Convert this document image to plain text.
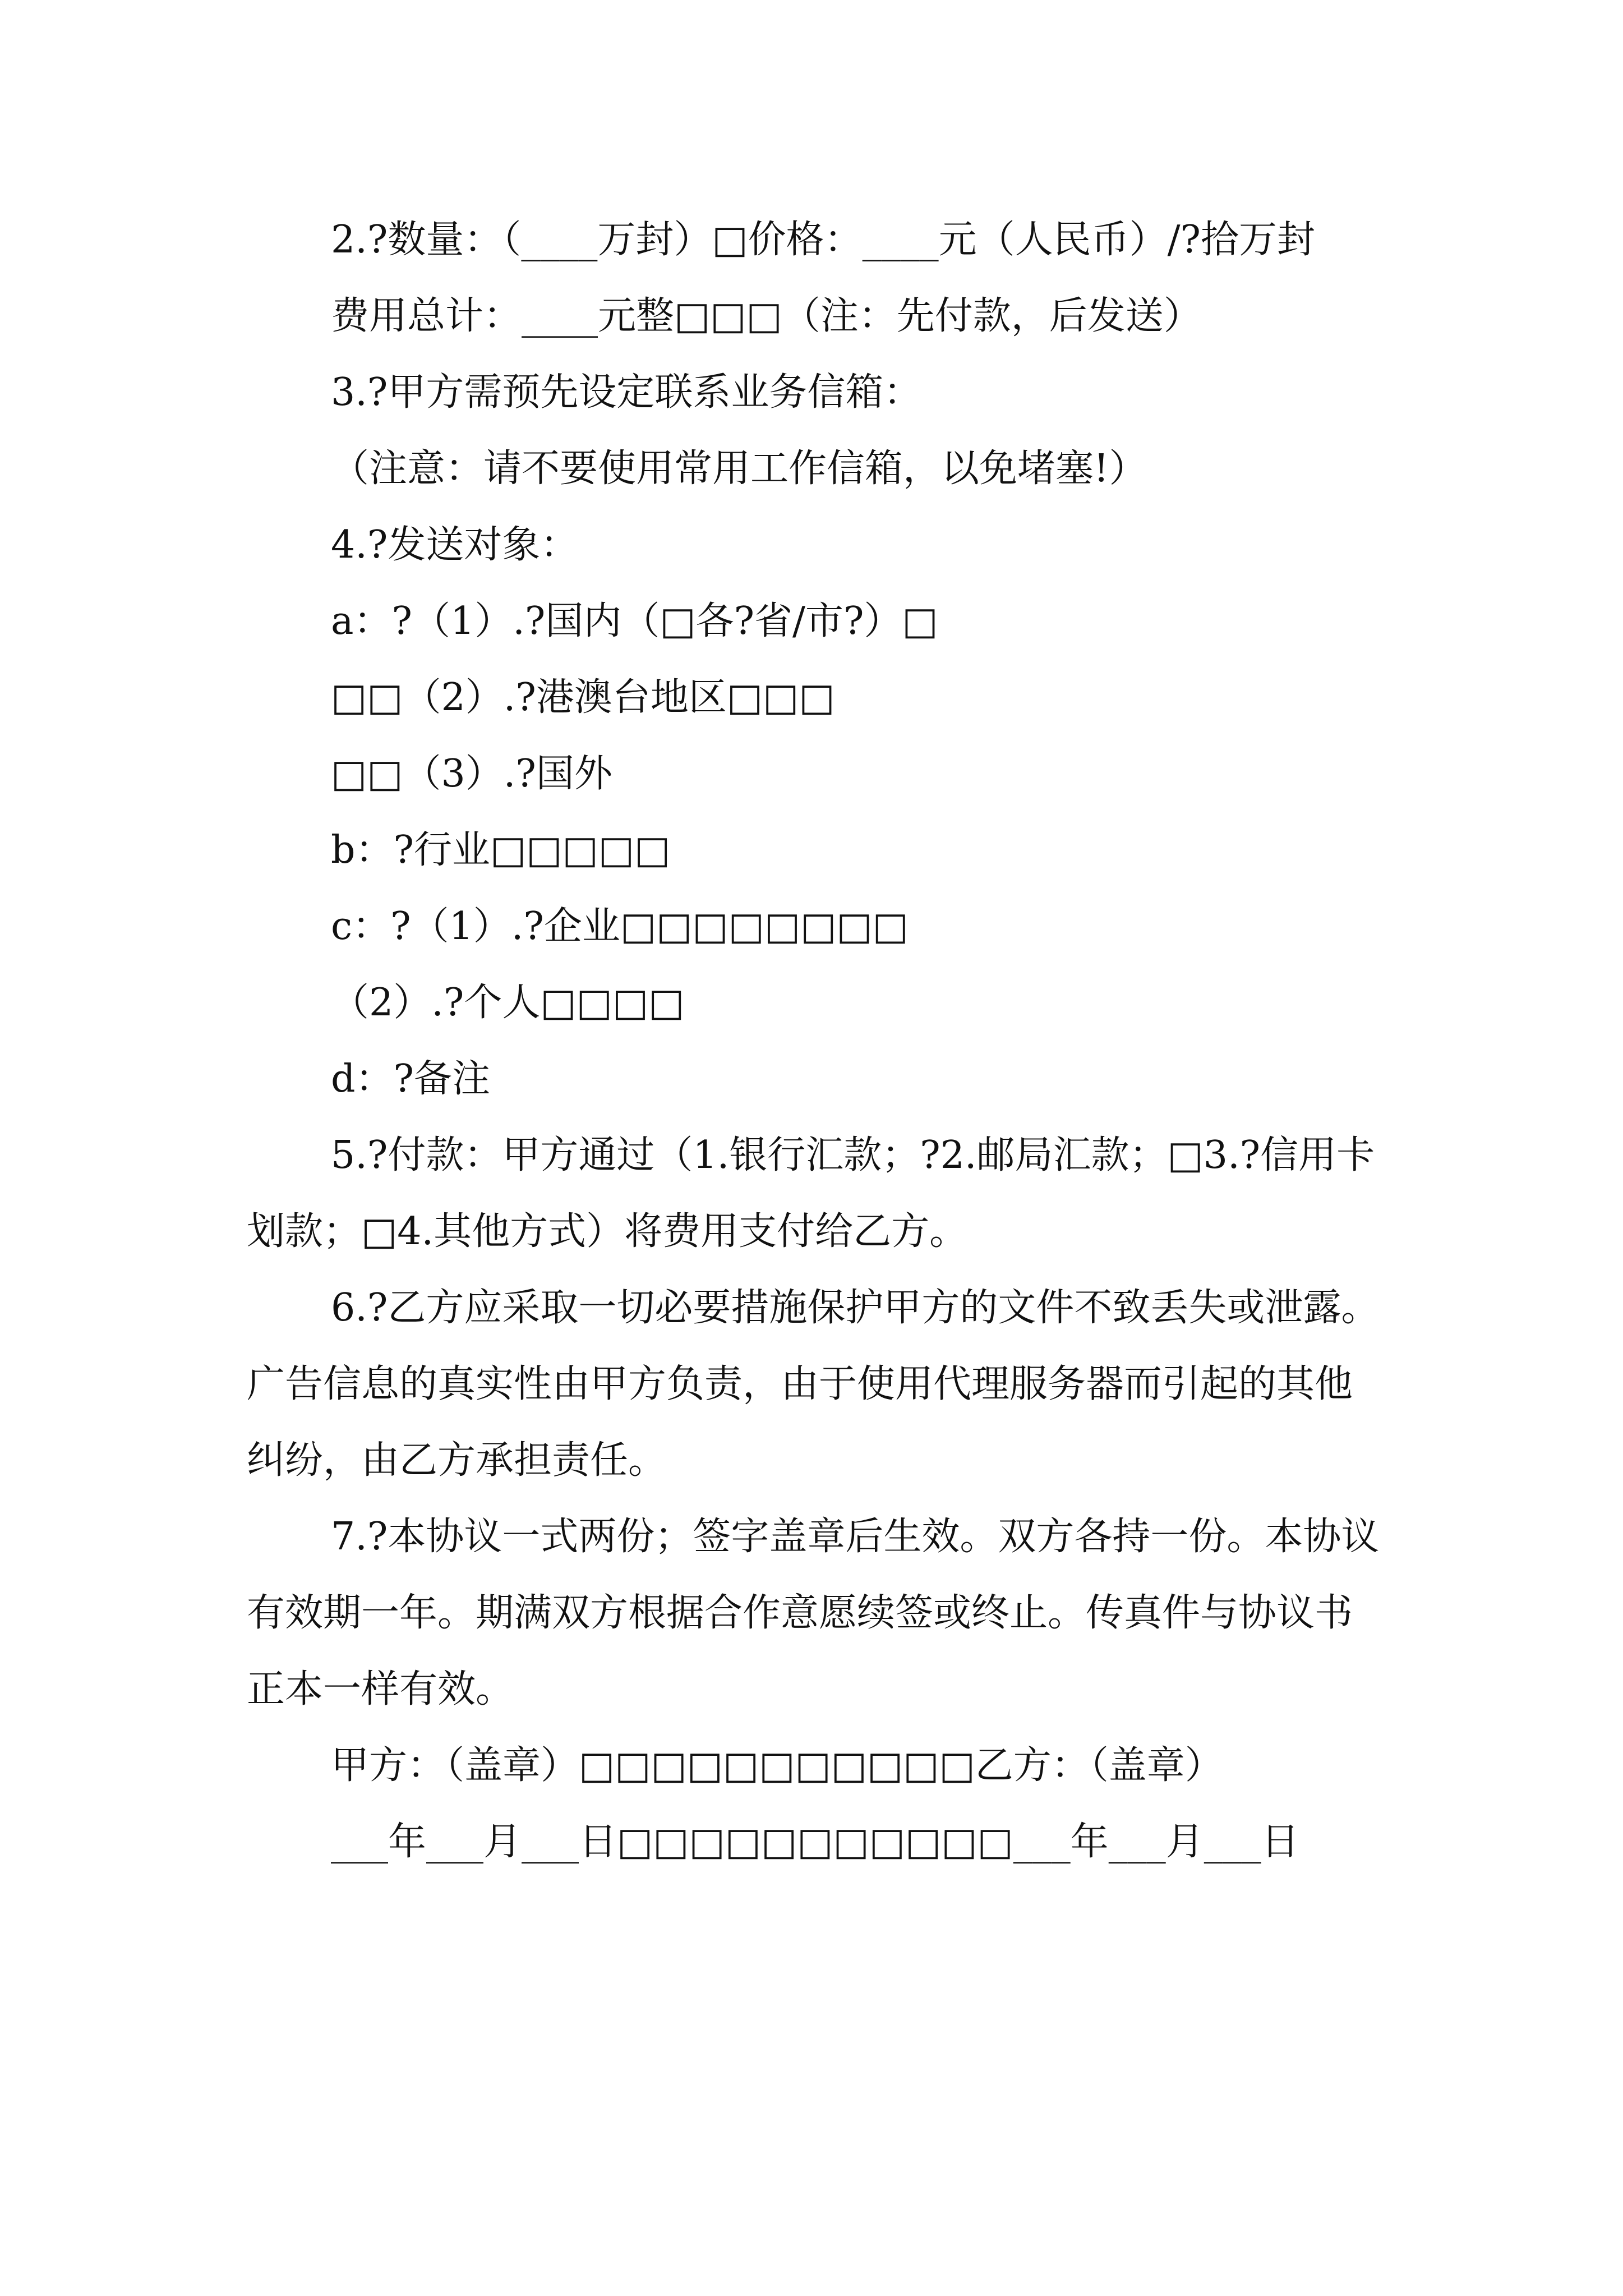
2.?数量：（____万封）□价格：____元（人民币）/?拾万封

费用总计：____元整□□□（注：先付款，后发送）

3.?甲方需预先设定联系业务信箱：

（注意：请不要使用常用工作信箱，以免堵塞!）

4.?发送对象：

a：?（1）.?国内（□各?省/市?）□

□□（2）.?港澳台地区□□□

□□（3）.?国外

b：?行业□□□□□

c：?（1）.?企业□□□□□□□□

（2）.?个人□□□□

d：?备注

5.?付款：甲方通过（1.银行汇款；?2.邮局汇款；□3.?信用卡划款；□4.其他方式）将费用支付给乙方。

6.?乙方应采取一切必要措施保护甲方的文件不致丢失或泄露。广告信息的真实性由甲方负责，由于使用代理服务器而引起的其他纠纷，由乙方承担责任。

7.?本协议一式两份；签字盖章后生效。双方各持一份。本协议有效期一年。期满双方根据合作意愿续签或终止。传真件与协议书正本一样有效。

甲方：（盖章）□□□□□□□□□□□乙方：（盖章）

___年___月___日□□□□□□□□□□□___年___月___日
